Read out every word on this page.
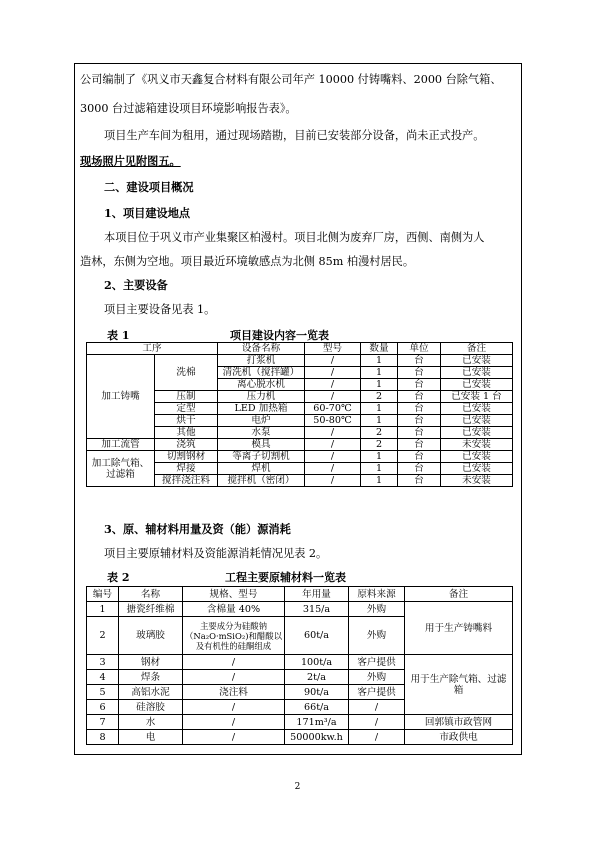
公司编制了《巩义市天鑫复合材料有限公司年产 10000 付铸嘴料、2000 台除气箱、
3000 台过滤箱建设项目环境影响报告表》。
项目生产车间为租用，通过现场踏勘，目前已安装部分设备，尚未正式投产。
现场照片见附图五。
二、建设项目概况
1、项目建设地点
本项目位于巩义市产业集聚区柏漫村。项目北侧为废弃厂房，西侧、南侧为人
造林，东侧为空地。项目最近环境敏感点为北侧 85m 柏漫村居民。
2、主要设备
项目主要设备见表 1。
表 1	项目建设内容一览表
工序		设备名称	型号	数量	单位	备注
加工铸嘴	洗棉	打浆机	/	1	台	已安装
		清洗机（搅拌罐）	/	1	台	已安装
		离心脱水机	/	1	台	已安装
	压制	压力机	/	2	台	已安装 1 台
	定型	LED 加热箱	60-70℃	1	台	已安装
	烘干	电炉	50-80℃	1	台	已安装
	其他	水泵	/	2	台	已安装
加工流管	浇筑	模具	/	2	台	未安装
加工除气箱、过滤箱	切割钢材	等离子切割机	/	1	台	已安装
	焊接	焊机	/	1	台	已安装
	搅拌浇注料	搅拌机（密闭）	/	1	台	未安装
3、原、辅材料用量及资（能）源消耗
项目主要原辅材料及资能源消耗情况见表 2。
表 2	工程主要原辅材料一览表
编号	名称	规格、型号	年用量	原料来源	备注
1	搪瓷纤维棉	含棉量 40%	315/a	外购	用于生产铸嘴料
2	玻璃胶	主要成分为硅酸钠
（Na₂O·mSiO₂)和醋酸以
及有机性的硅酮组成	60t/a	外购	
3	钢材	/	100t/a	客户提供	用于生产除气箱、过滤箱
4	焊条	/	2t/a	外购	
5	高铝水泥	浇注料	90t/a	客户提供	
6	硅溶胶	/	66t/a	/	
7	水	/	171m³/a	/	回郭镇市政管网
8	电	/	50000kw.h	/	市政供电
2
